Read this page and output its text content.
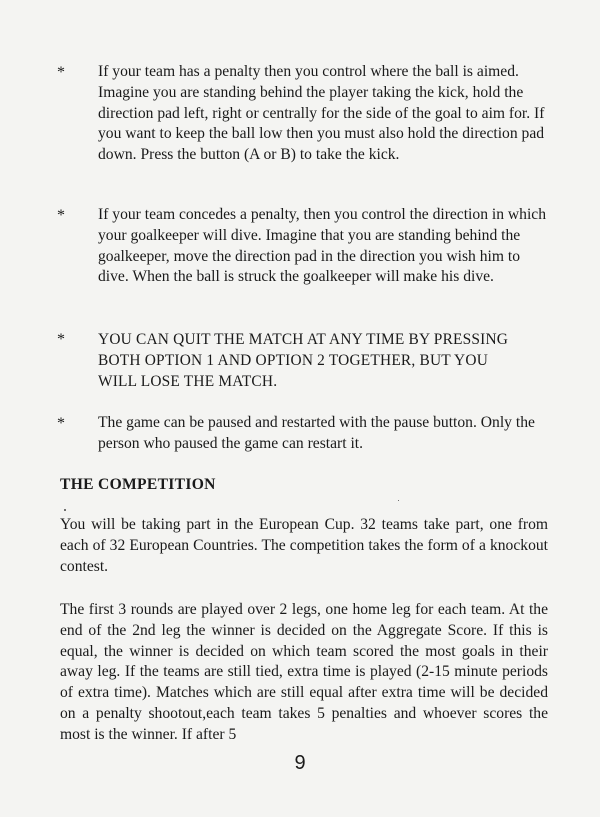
* If your team has a penalty then you control where the ball is aimed. Imagine you are standing behind the player taking the kick, hold the direction pad left, right or centrally for the side of the goal to aim for. If you want to keep the ball low then you must also hold the direction pad down. Press the button (A or B) to take the kick.

* If your team concedes a penalty, then you control the direction in which your goalkeeper will dive. Imagine that you are standing behind the goalkeeper, move the direction pad in the direction you wish him to dive. When the ball is struck the goalkeeper will make his dive.

* YOU CAN QUIT THE MATCH AT ANY TIME BY PRESSING BOTH OPTION 1 AND OPTION 2 TOGETHER, BUT YOU WILL LOSE THE MATCH.

* The game can be paused and restarted with the pause button. Only the person who paused the game can restart it.

THE COMPETITION

You will be taking part in the European Cup. 32 teams take part, one from each of 32 European Countries. The competition takes the form of a knockout contest.

The first 3 rounds are played over 2 legs, one home leg for each team. At the end of the 2nd leg the winner is decided on the Aggregate Score. If this is equal, the winner is decided on which team scored the most goals in their away leg. If the teams are still tied, extra time is played (2-15 minute periods of extra time). Matches which are still equal after extra time will be decided on a penalty shootout,each team takes 5 penalties and whoever scores the most is the winner. If after 5

9
